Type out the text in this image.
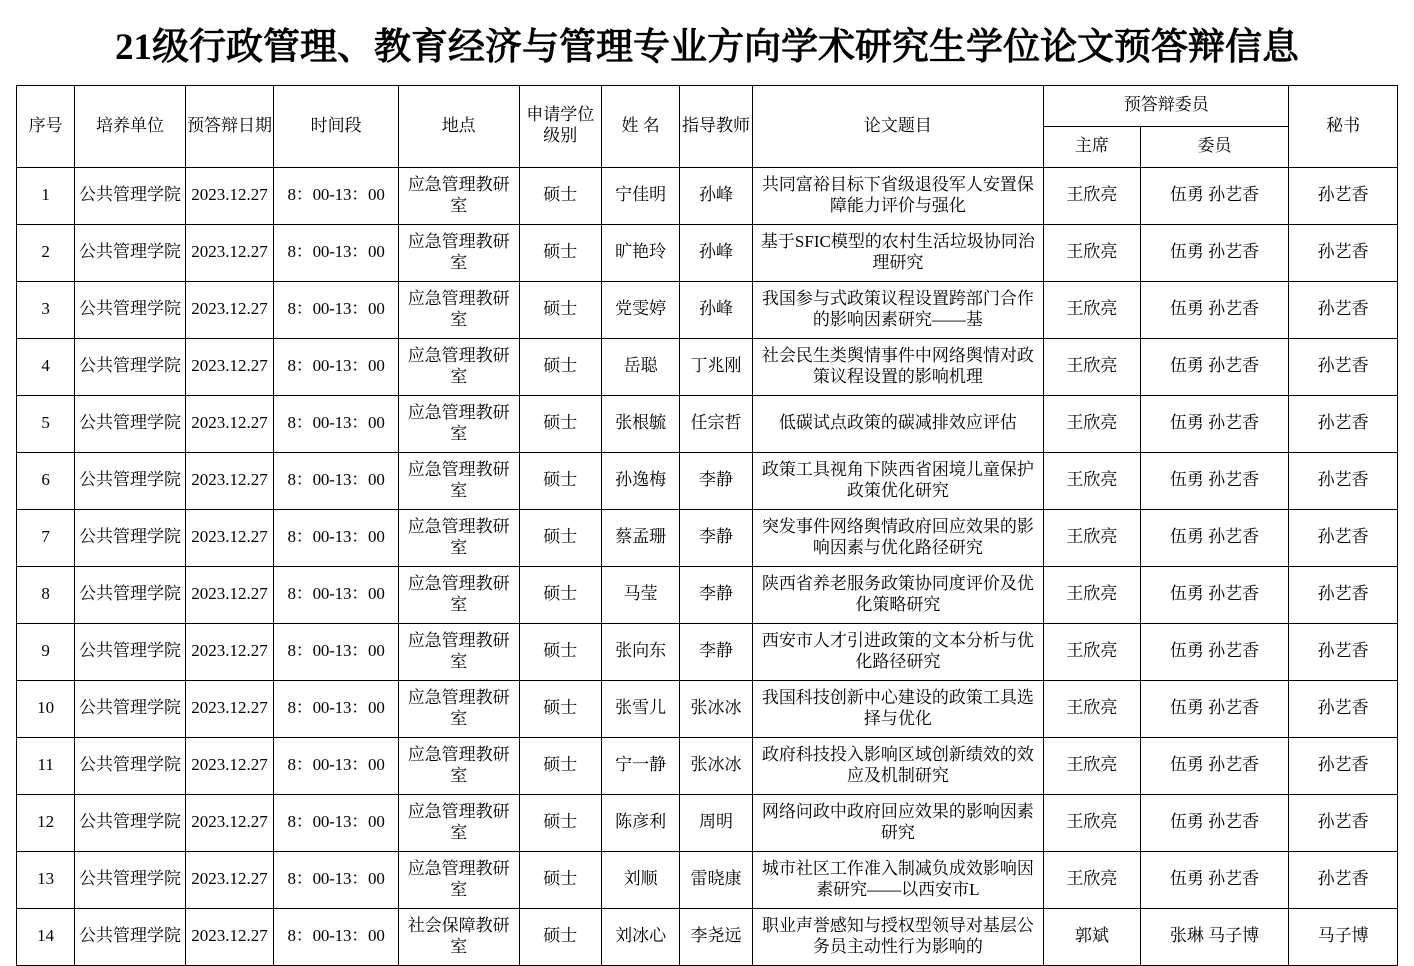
21级行政管理、教育经济与管理专业方向学术研究生学位论文预答辩信息
序号	培养单位	预答辩日期	时间段	地点	申请学位级别	姓 名	指导教师	论文题目	预答辩委员		秘书
									主席	委员	
1	公共管理学院	2023.12.27	8：00-13：00	应急管理教研室	硕士	宁佳明	孙峰	共同富裕目标下省级退役军人安置保障能力评价与强化	王欣亮	伍勇 孙艺香	孙艺香
2	公共管理学院	2023.12.27	8：00-13：00	应急管理教研室	硕士	旷艳玲	孙峰	基于SFIC模型的农村生活垃圾协同治理研究	王欣亮	伍勇 孙艺香	孙艺香
3	公共管理学院	2023.12.27	8：00-13：00	应急管理教研室	硕士	党雯婷	孙峰	我国参与式政策议程设置跨部门合作的影响因素研究——基	王欣亮	伍勇 孙艺香	孙艺香
4	公共管理学院	2023.12.27	8：00-13：00	应急管理教研室	硕士	岳聪	丁兆刚	社会民生类舆情事件中网络舆情对政策议程设置的影响机理	王欣亮	伍勇 孙艺香	孙艺香
5	公共管理学院	2023.12.27	8：00-13：00	应急管理教研室	硕士	张根毓	任宗哲	低碳试点政策的碳减排效应评估	王欣亮	伍勇 孙艺香	孙艺香
6	公共管理学院	2023.12.27	8：00-13：00	应急管理教研室	硕士	孙逸梅	李静	政策工具视角下陕西省困境儿童保护政策优化研究	王欣亮	伍勇 孙艺香	孙艺香
7	公共管理学院	2023.12.27	8：00-13：00	应急管理教研室	硕士	蔡孟珊	李静	突发事件网络舆情政府回应效果的影响因素与优化路径研究	王欣亮	伍勇 孙艺香	孙艺香
8	公共管理学院	2023.12.27	8：00-13：00	应急管理教研室	硕士	马莹	李静	陕西省养老服务政策协同度评价及优化策略研究	王欣亮	伍勇 孙艺香	孙艺香
9	公共管理学院	2023.12.27	8：00-13：00	应急管理教研室	硕士	张向东	李静	西安市人才引进政策的文本分析与优化路径研究	王欣亮	伍勇 孙艺香	孙艺香
10	公共管理学院	2023.12.27	8：00-13：00	应急管理教研室	硕士	张雪儿	张冰冰	我国科技创新中心建设的政策工具选择与优化	王欣亮	伍勇 孙艺香	孙艺香
11	公共管理学院	2023.12.27	8：00-13：00	应急管理教研室	硕士	宁一静	张冰冰	政府科技投入影响区域创新绩效的效应及机制研究	王欣亮	伍勇 孙艺香	孙艺香
12	公共管理学院	2023.12.27	8：00-13：00	应急管理教研室	硕士	陈彦利	周明	网络问政中政府回应效果的影响因素研究	王欣亮	伍勇 孙艺香	孙艺香
13	公共管理学院	2023.12.27	8：00-13：00	应急管理教研室	硕士	刘顺	雷晓康	城市社区工作准入制减负成效影响因素研究——以西安市L	王欣亮	伍勇 孙艺香	孙艺香
14	公共管理学院	2023.12.27	8：00-13：00	社会保障教研室	硕士	刘冰心	李尧远	职业声誉感知与授权型领导对基层公务员主动性行为影响的	郭斌	张琳 马子博	马子博
